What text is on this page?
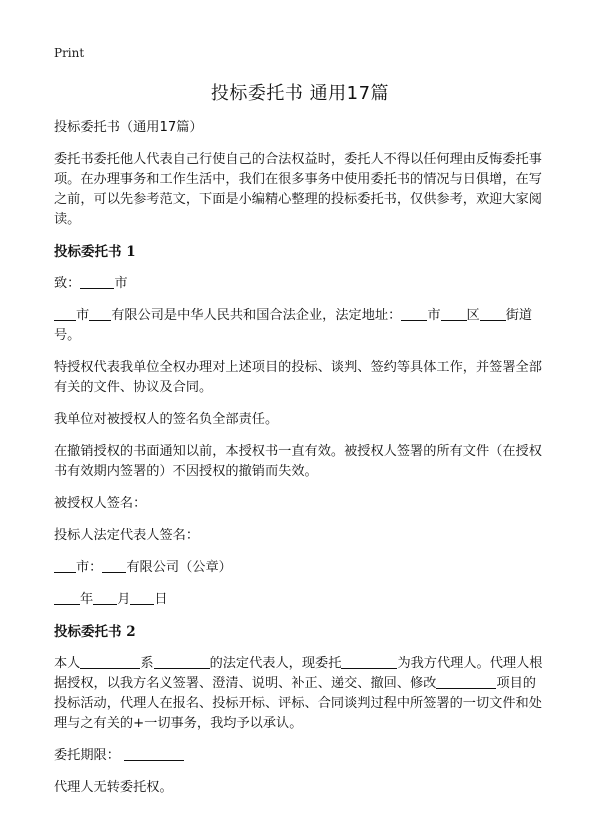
Print
投标委托书 通用17篇

投标委托书（通用17篇）

委托书委托他人代表自己行使自己的合法权益时，委托人不得以任何理由反悔委托事项。在办理事务和工作生活中，我们在很多事务中使用委托书的情况与日俱增，在写之前，可以先参考范文，下面是小编精心整理的投标委托书，仅供参考，欢迎大家阅读。

投标委托书 1

致：	市

市 有限公司是中华人民共和国合法企业，法定地址： 市 区 街道号。

特授权代表我单位全权办理对上述项目的投标、谈判、签约等具体工作，并签署全部有关的文件、协议及合同。

我单位对被授权人的签名负全部责任。

在撤销授权的书面通知以前，本授权书一直有效。被授权人签署的所有文件（在授权书有效期内签署的）不因授权的撤销而失效。

被授权人签名：

投标人法定代表人签名：

市： 有限公司（公章）

年 月 日

投标委托书 2

本人	系	的法定代表人，现委托	为我方代理人。代理人根据授权，以我方名义签署、澄清、说明、补正、递交、撤回、修改	项目的投标活动，代理人在报名、投标开标、评标、合同谈判过程中所签署的一切文件和处理与之有关的+一切事务，我均予以承认。

委托期限：

代理人无转委托权。
